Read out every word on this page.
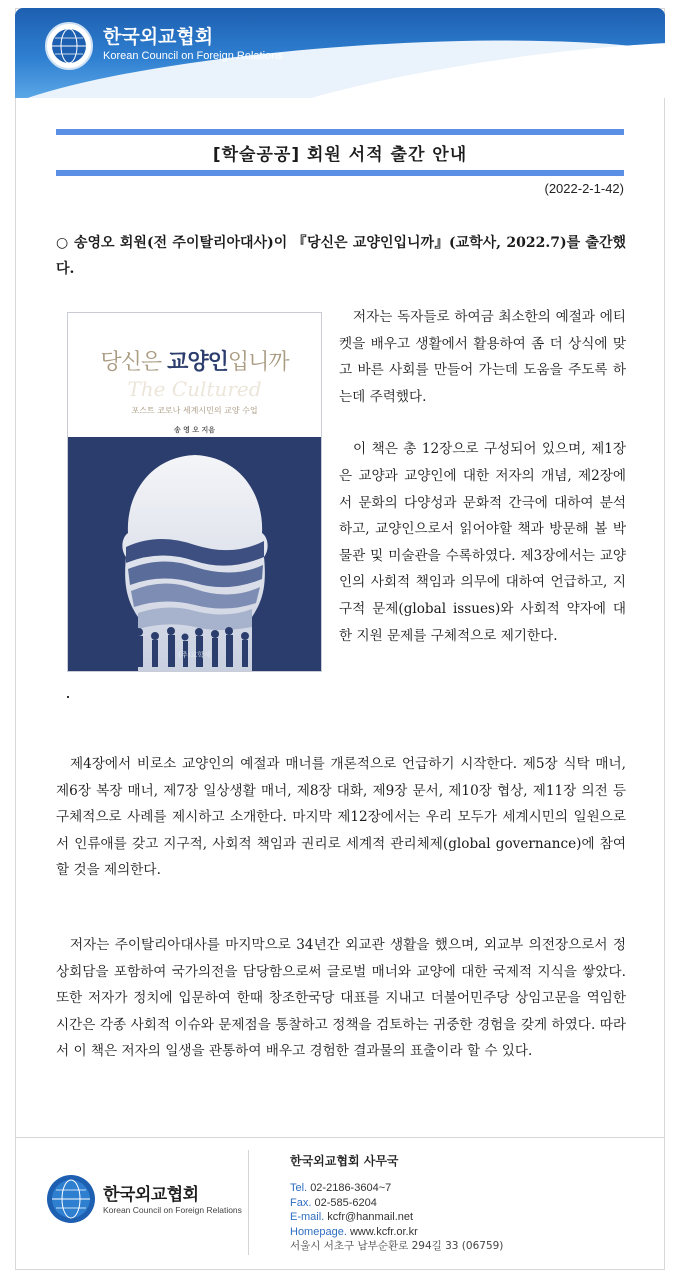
한국외교협회
Korean Council on Foreign Relations
[학술공공] 회원 서적 출간 안내
(2022-2-1-42)
○ 송영오 회원(전 주이탈리아대사)이 『당신은 교양인입니까』(교학사, 2022.7)를 출간했다.
당신은 교양인입니까
The Cultured
포스트 코로나 세계시민의 교양 수업
송 영 오 지음
(주)교학사

저자는 독자들로 하여금 최소한의 예절과 에티켓을 배우고 생활에서 활용하여 좀 더 상식에 맞고 바른 사회를 만들어 가는데 도움을 주도록 하는데 주력했다.

이 책은 총 12장으로 구성되어 있으며, 제1장은 교양과 교양인에 대한 저자의 개념, 제2장에서 문화의 다양성과 문화적 간극에 대하여 분석하고, 교양인으로서 읽어야할 책과 방문해 볼 박물관 및 미술관을 수록하였다. 제3장에서는 교양인의 사회적 책임과 의무에 대하여 언급하고, 지구적 문제(global issues)와 사회적 약자에 대한 지원 문제를 구체적으로 제기한다.

제4장에서 비로소 교양인의 예절과 매너를 개론적으로 언급하기 시작한다. 제5장 식탁 매너, 제6장 복장 매너, 제7장 일상생활 매너, 제8장 대화, 제9장 문서, 제10장 협상, 제11장 의전 등 구체적으로 사례를 제시하고 소개한다. 마지막 제12장에서는 우리 모두가 세계시민의 일원으로서 인류애를 갖고 지구적, 사회적 책임과 권리로 세계적 관리체제(global governance)에 참여할 것을 제의한다.

저자는 주이탈리아대사를 마지막으로 34년간 외교관 생활을 했으며, 외교부 의전장으로서 정상회담을 포함하여 국가의전을 담당함으로써 글로벌 매너와 교양에 대한 국제적 지식을 쌓았다. 또한 저자가 정치에 입문하여 한때 창조한국당 대표를 지내고 더불어민주당 상임고문을 역임한 시간은 각종 사회적 이슈와 문제점을 통찰하고 정책을 검토하는 귀중한 경험을 갖게 하였다. 따라서 이 책은 저자의 일생을 관통하여 배우고 경험한 결과물의 표출이라 할 수 있다.

한국외교협회
Korean Council on Foreign Relations
한국외교협회 사무국
Tel. 02-2186-3604~7
Fax. 02-585-6204
E-mail. kcfr@hanmail.net
Homepage. www.kcfr.or.kr
서울시 서초구 남부순환로 294길 33 (06759)
